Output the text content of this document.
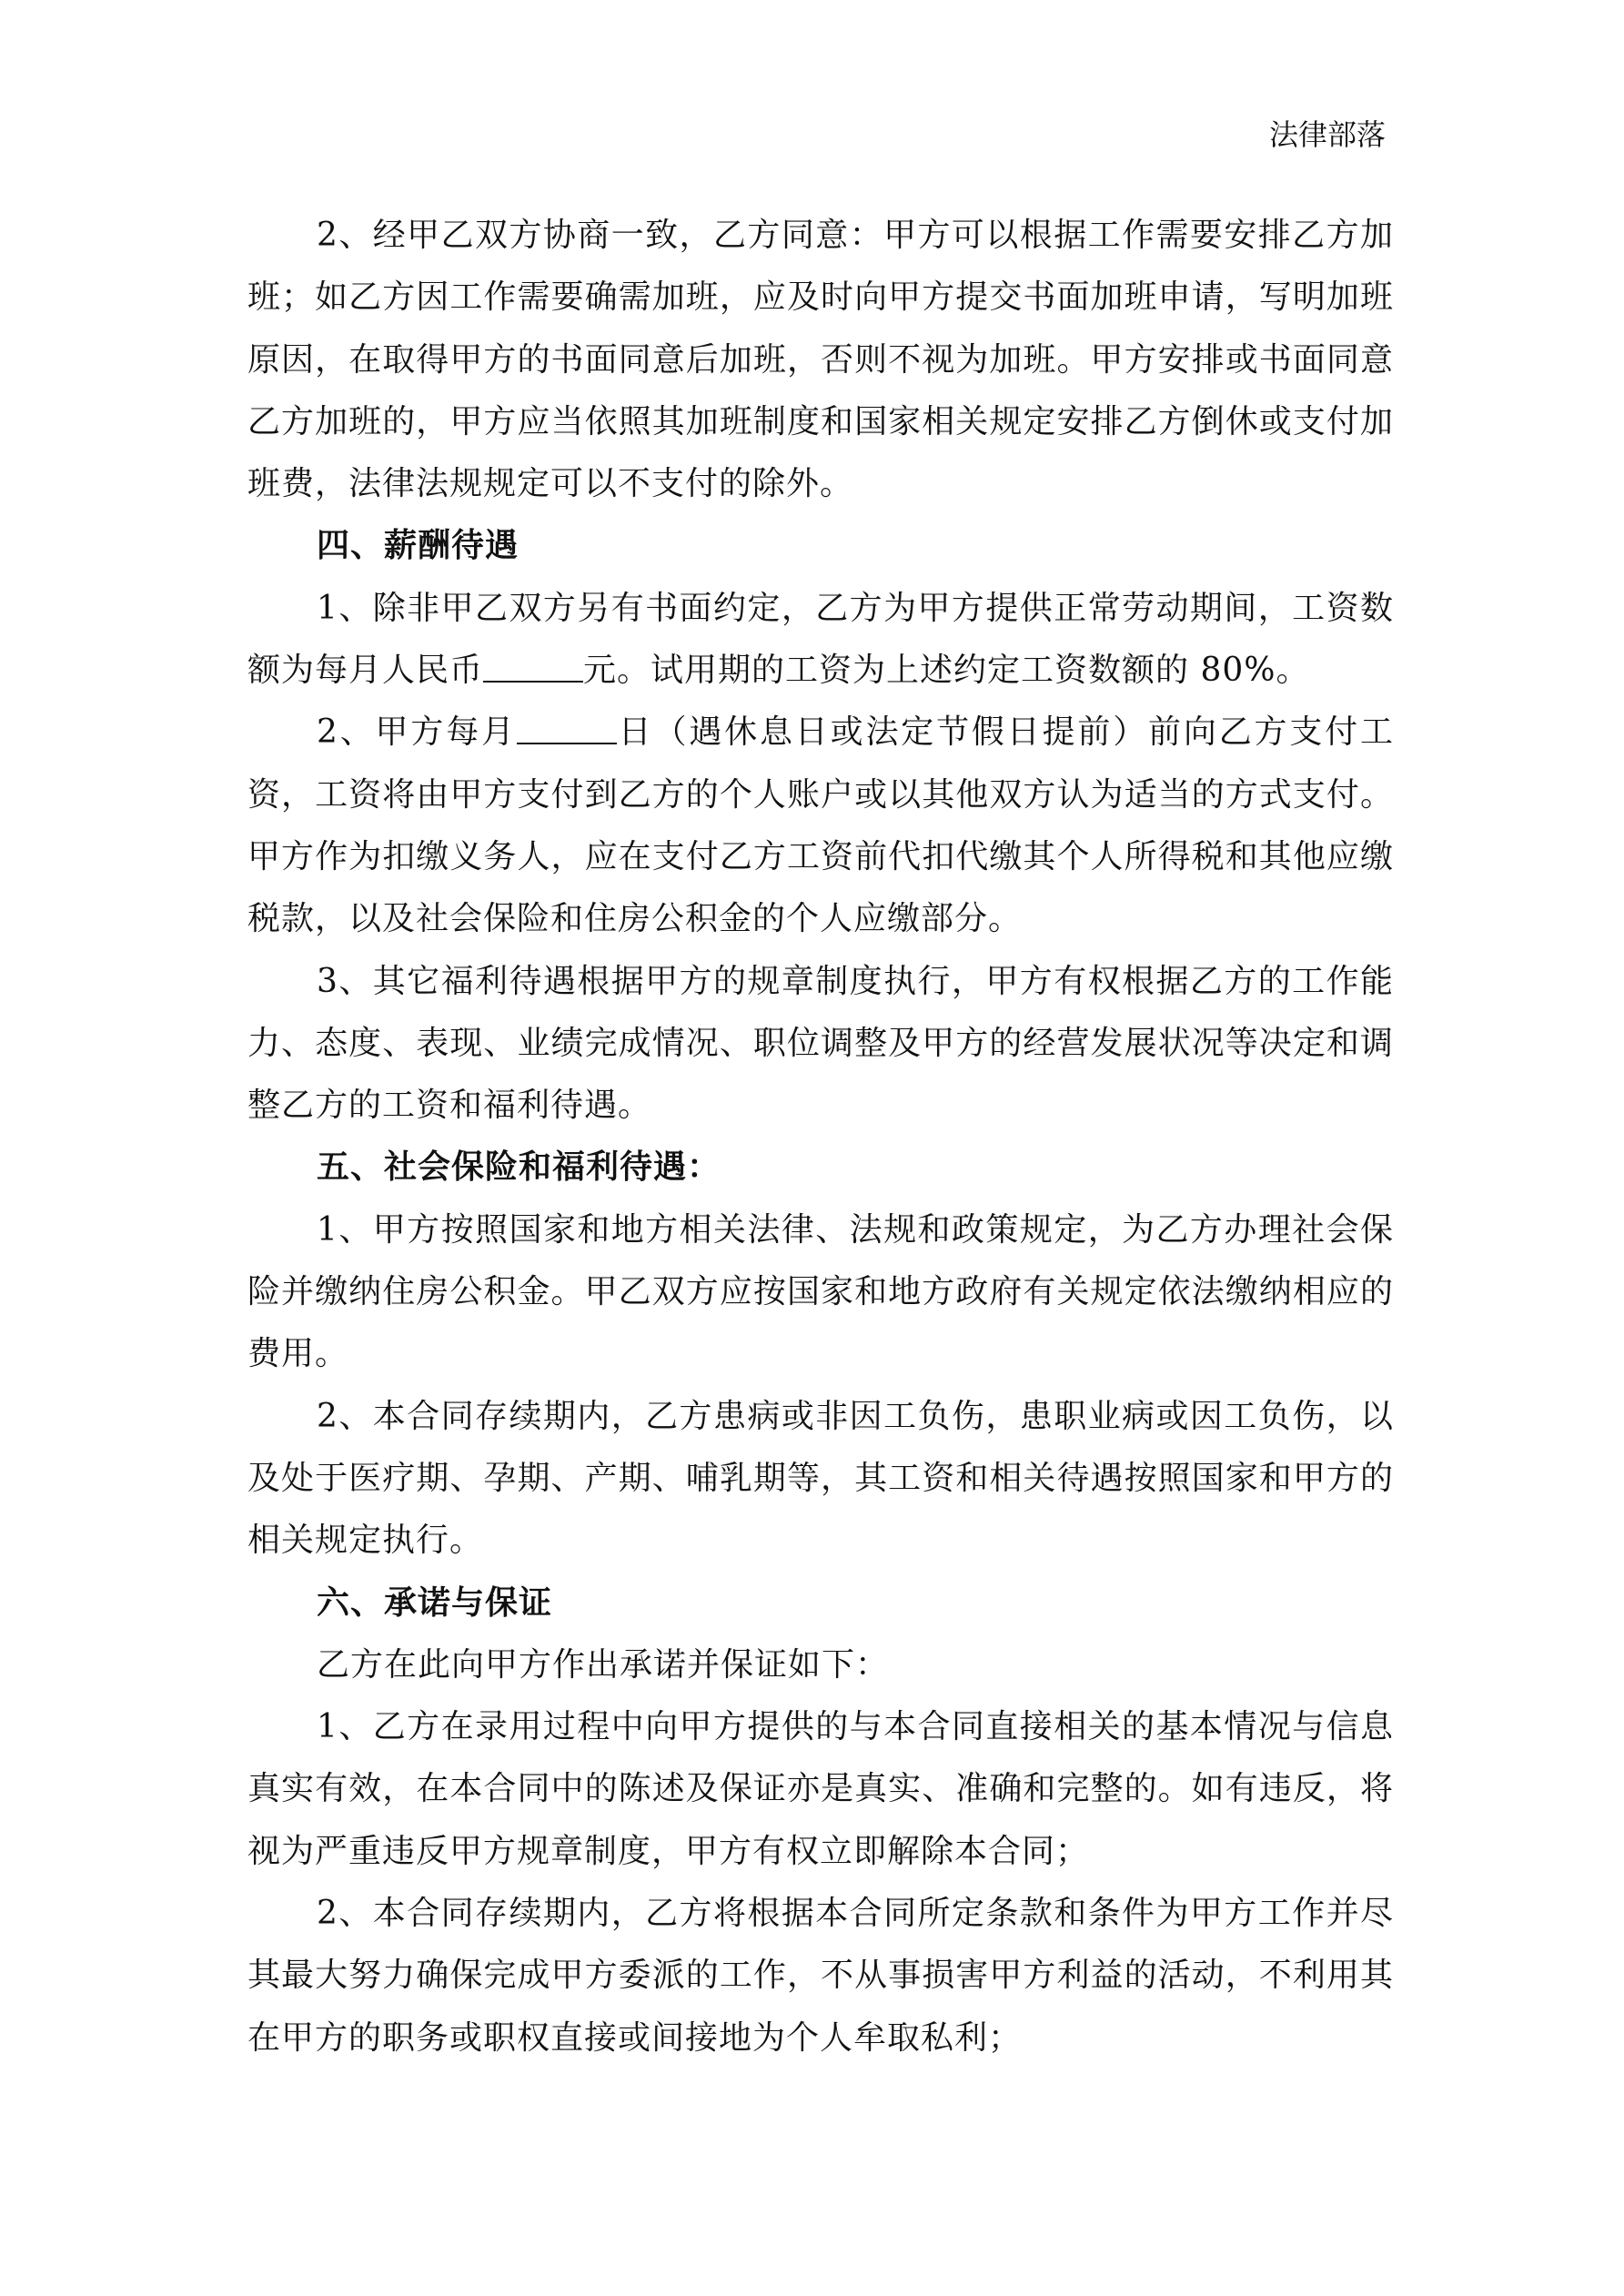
法律部落

2、经甲乙双方协商一致，乙方同意：甲方可以根据工作需要安排乙方加班；如乙方因工作需要确需加班，应及时向甲方提交书面加班申请，写明加班原因，在取得甲方的书面同意后加班，否则不视为加班。甲方安排或书面同意乙方加班的，甲方应当依照其加班制度和国家相关规定安排乙方倒休或支付加班费，法律法规规定可以不支付的除外。

四、薪酬待遇

1、除非甲乙双方另有书面约定，乙方为甲方提供正常劳动期间，工资数额为每月人民币	元。试用期的工资为上述约定工资数额的 80%。

2、甲方每月	日（遇休息日或法定节假日提前）前向乙方支付工资，工资将由甲方支付到乙方的个人账户或以其他双方认为适当的方式支付。甲方作为扣缴义务人，应在支付乙方工资前代扣代缴其个人所得税和其他应缴税款，以及社会保险和住房公积金的个人应缴部分。

3、其它福利待遇根据甲方的规章制度执行，甲方有权根据乙方的工作能力、态度、表现、业绩完成情况、职位调整及甲方的经营发展状况等决定和调整乙方的工资和福利待遇。

五、社会保险和福利待遇：

1、甲方按照国家和地方相关法律、法规和政策规定，为乙方办理社会保险并缴纳住房公积金。甲乙双方应按国家和地方政府有关规定依法缴纳相应的费用。

2、本合同存续期内，乙方患病或非因工负伤，患职业病或因工负伤，以及处于医疗期、孕期、产期、哺乳期等，其工资和相关待遇按照国家和甲方的相关规定执行。

六、承诺与保证

乙方在此向甲方作出承诺并保证如下：

1、乙方在录用过程中向甲方提供的与本合同直接相关的基本情况与信息真实有效，在本合同中的陈述及保证亦是真实、准确和完整的。如有违反，将视为严重违反甲方规章制度，甲方有权立即解除本合同；

2、本合同存续期内，乙方将根据本合同所定条款和条件为甲方工作并尽其最大努力确保完成甲方委派的工作，不从事损害甲方利益的活动，不利用其在甲方的职务或职权直接或间接地为个人牟取私利；
